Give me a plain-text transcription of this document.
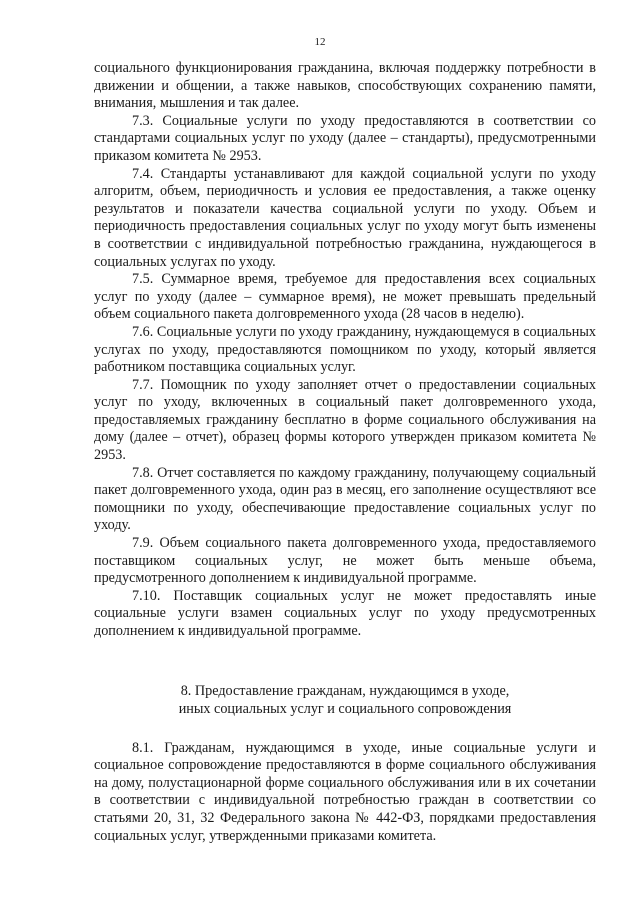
12

социального функционирования гражданина, включая поддержку потребности в движении и общении, а также навыков, способствующих сохранению памяти, внимания, мышления и так далее.

7.3. Социальные услуги по уходу предоставляются в соответствии со стандартами социальных услуг по уходу (далее – стандарты), предусмотренными приказом комитета № 2953.

7.4. Стандарты устанавливают для каждой социальной услуги по уходу алгоритм, объем, периодичность и условия ее предоставления, а также оценку результатов и показатели качества социальной услуги по уходу. Объем и периодичность предоставления социальных услуг по уходу могут быть изменены в соответствии с индивидуальной потребностью гражданина, нуждающегося в социальных услугах по уходу.

7.5. Суммарное время, требуемое для предоставления всех социальных услуг по уходу (далее – суммарное время), не может превышать предельный объем социального пакета долговременного ухода (28 часов в неделю).

7.6. Социальные услуги по уходу гражданину, нуждающемуся в социальных услугах по уходу, предоставляются помощником по уходу, который является работником поставщика социальных услуг.

7.7. Помощник по уходу заполняет отчет о предоставлении социальных услуг по уходу, включенных в социальный пакет долговременного ухода, предоставляемых гражданину бесплатно в форме социального обслуживания на дому (далее – отчет), образец формы которого утвержден приказом комитета № 2953.

7.8. Отчет составляется по каждому гражданину, получающему социальный пакет долговременного ухода, один раз в месяц, его заполнение осуществляют все помощники по уходу, обеспечивающие предоставление социальных услуг по уходу.

7.9. Объем социального пакета долговременного ухода, предоставляемого поставщиком социальных услуг, не может быть меньше объема, предусмотренного дополнением к индивидуальной программе.

7.10. Поставщик социальных услуг не может предоставлять иные социальные услуги взамен социальных услуг по уходу предусмотренных дополнением к индивидуальной программе.

8. Предоставление гражданам, нуждающимся в уходе,
иных социальных услуг и социального сопровождения

8.1. Гражданам, нуждающимся в уходе, иные социальные услуги и социальное сопровождение предоставляются в форме социального обслуживания на дому, полустационарной форме социального обслуживания или в их сочетании в соответствии с индивидуальной потребностью граждан в соответствии со статьями 20, 31, 32 Федерального закона № 442-ФЗ, порядками предоставления социальных услуг, утвержденными приказами комитета.
